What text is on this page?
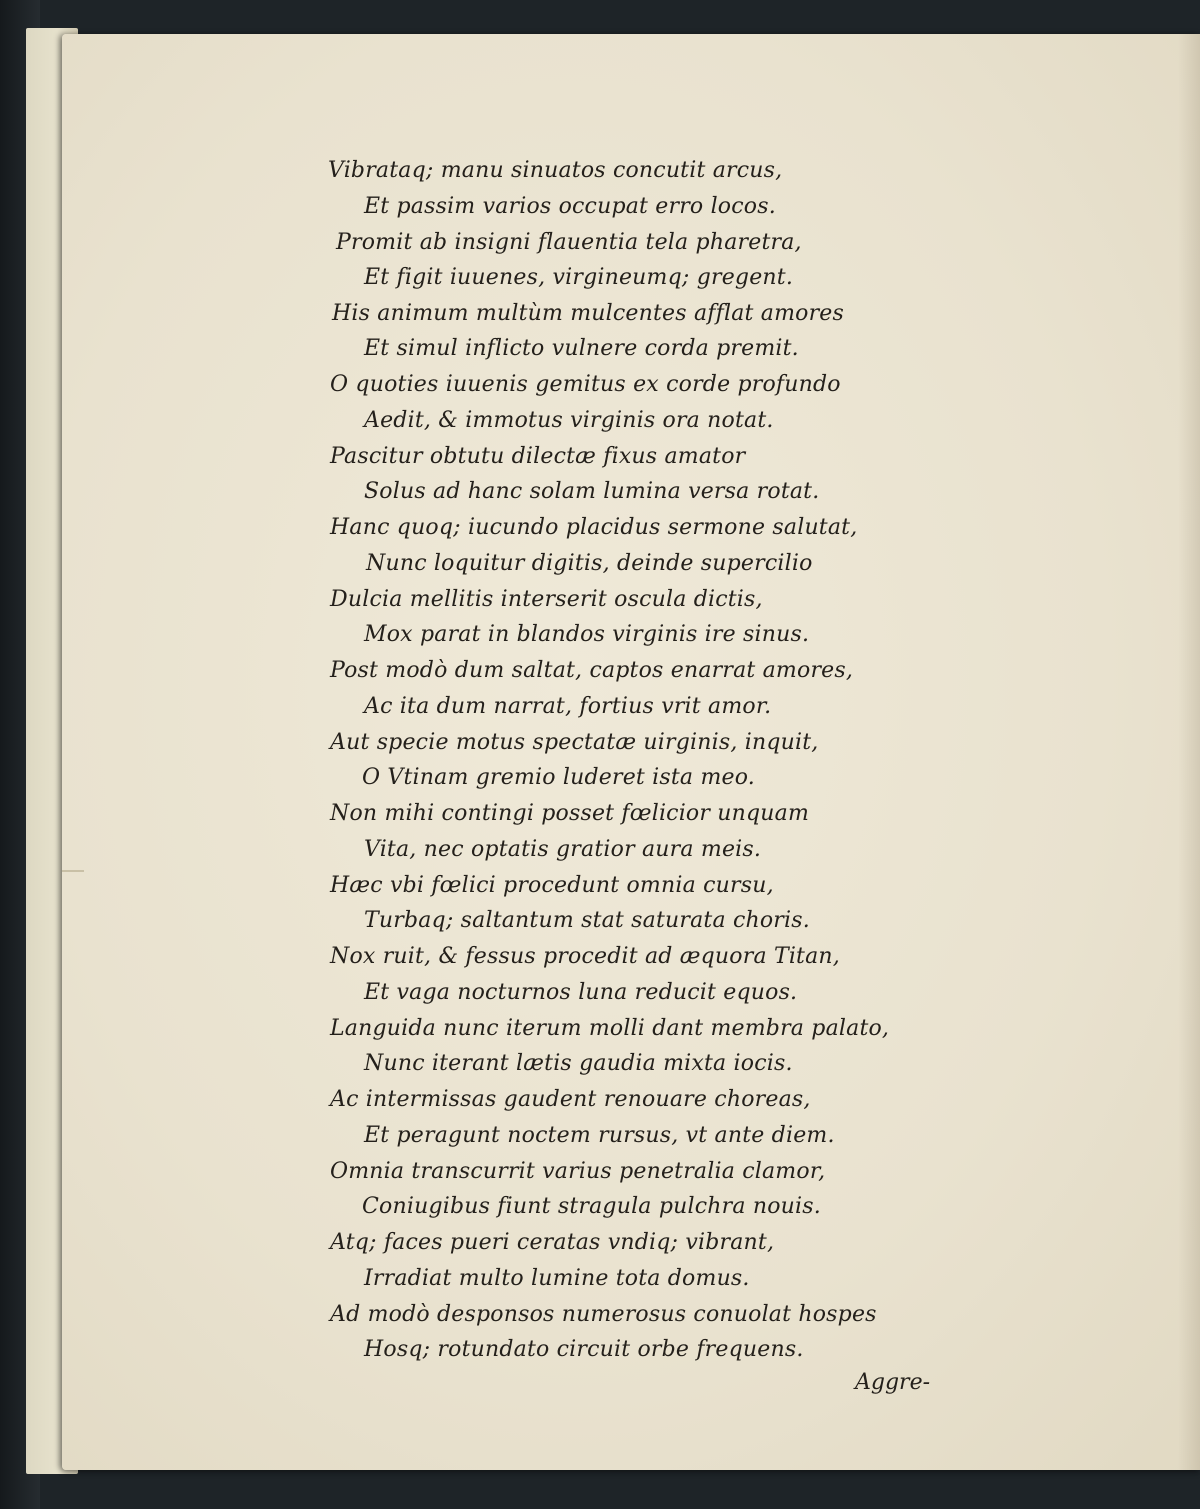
Vibrataq; manu sinuatos concutit arcus,
Et passim varios occupat erro locos.
Promit ab insigni flauentia tela pharetra,
Et figit iuuenes, virgineumq; gregent.
His animum multùm mulcentes afflat amores
Et simul inflicto vulnere corda premit.
O quoties iuuenis gemitus ex corde profundo
Aedit, & immotus virginis ora notat.
Pascitur obtutu dilectæ fixus amator
Solus ad hanc solam lumina versa rotat.
Hanc quoq; iucundo placidus sermone salutat,
Nunc loquitur digitis, deinde supercilio
Dulcia mellitis interserit oscula dictis,
Mox parat in blandos virginis ire sinus.
Post modò dum saltat, captos enarrat amores,
Ac ita dum narrat, fortius vrit amor.
Aut specie motus spectatæ uirginis, inquit,
O Vtinam gremio luderet ista meo.
Non mihi contingi posset fœlicior unquam
Vita, nec optatis gratior aura meis.
Hæc vbi fœlici procedunt omnia cursu,
Turbaq; saltantum stat saturata choris.
Nox ruit, & fessus procedit ad æquora Titan,
Et vaga nocturnos luna reducit equos.
Languida nunc iterum molli dant membra palato,
Nunc iterant lætis gaudia mixta iocis.
Ac intermissas gaudent renouare choreas,
Et peragunt noctem rursus, vt ante diem.
Omnia transcurrit varius penetralia clamor,
Coniugibus fiunt stragula pulchra nouis.
Atq; faces pueri ceratas vndiq; vibrant,
Irradiat multo lumine tota domus.
Ad modò desponsos numerosus conuolat hospes
Hosq; rotundato circuit orbe frequens.
Aggre-
